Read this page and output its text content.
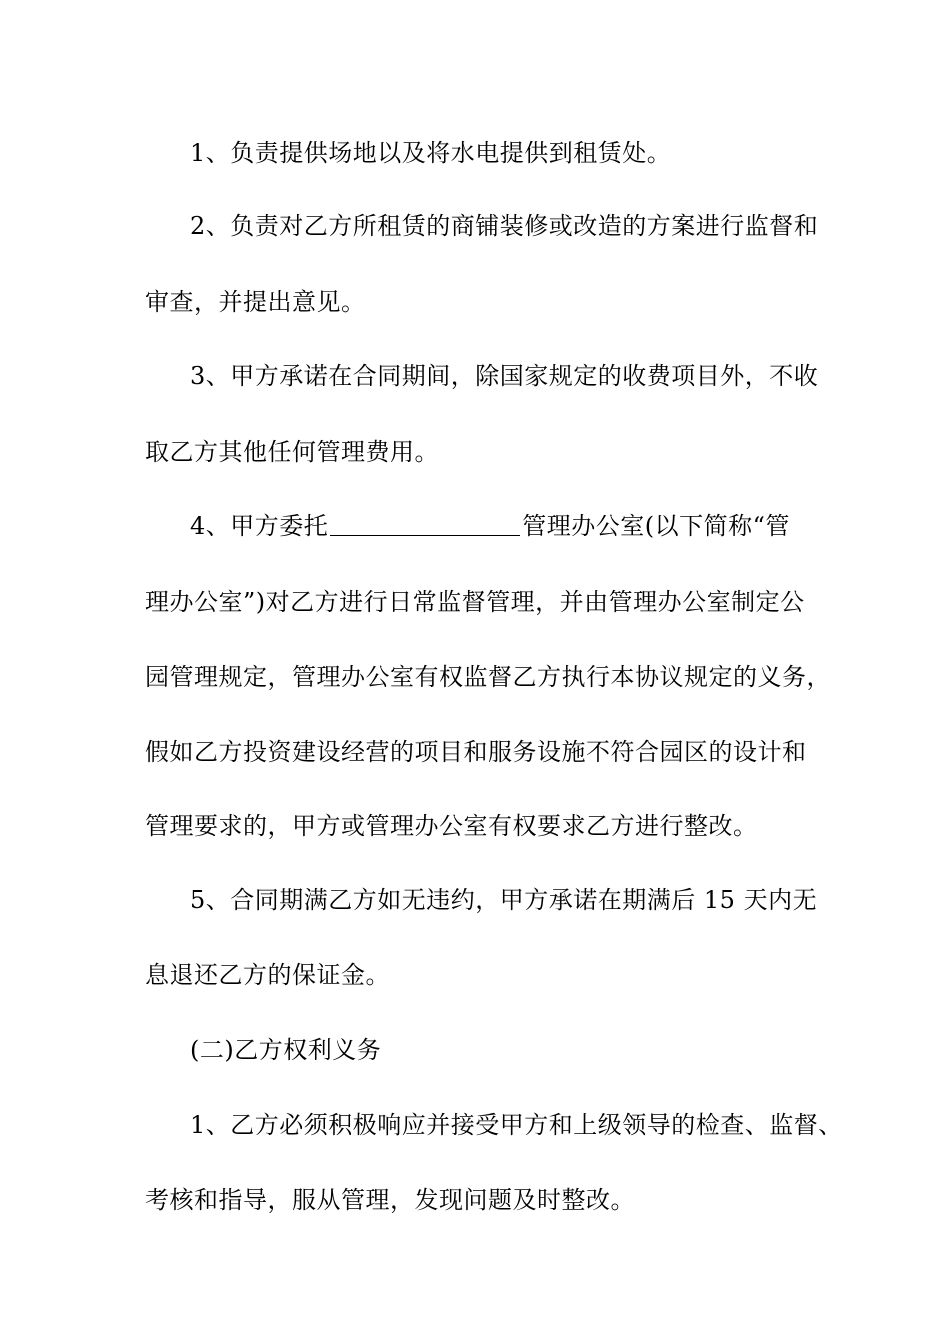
1、负责提供场地以及将水电提供到租赁处。
2、负责对乙方所租赁的商铺装修或改造的方案进行监督和
审查，并提出意见。
3、甲方承诺在合同期间，除国家规定的收费项目外，不收
取乙方其他任何管理费用。
4、甲方委托	管理办公室(以下简称“管
理办公室”)对乙方进行日常监督管理，并由管理办公室制定公
园管理规定，管理办公室有权监督乙方执行本协议规定的义务，
假如乙方投资建设经营的项目和服务设施不符合园区的设计和
管理要求的，甲方或管理办公室有权要求乙方进行整改。
5、合同期满乙方如无违约，甲方承诺在期满后 15 天内无
息退还乙方的保证金。
(二)乙方权利义务
1、乙方必须积极响应并接受甲方和上级领导的检查、监督、
考核和指导，服从管理，发现问题及时整改。
